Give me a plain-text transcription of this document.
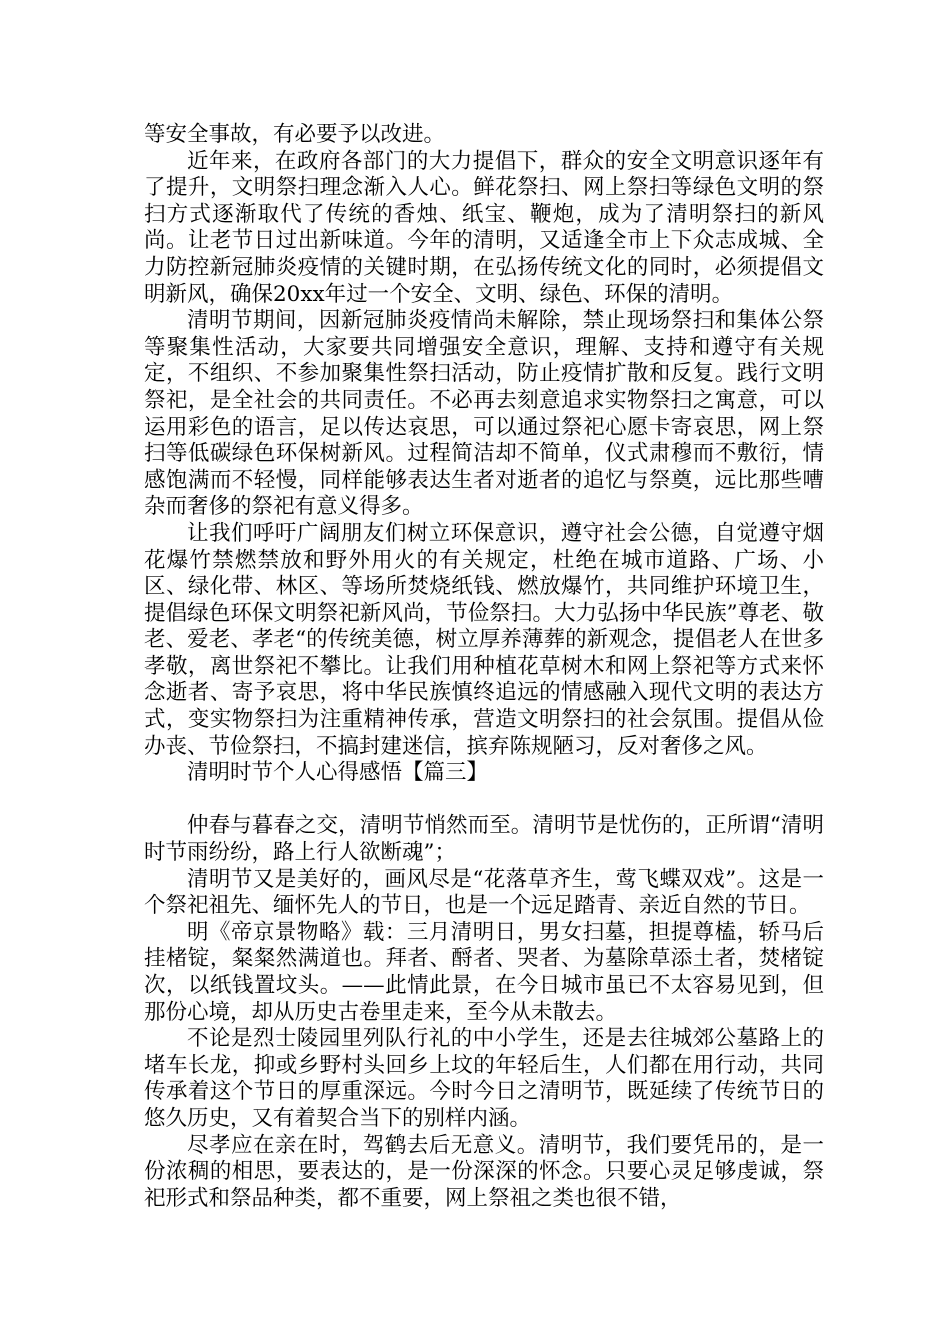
等安全事故，有必要予以改进。

近年来，在政府各部门的大力提倡下，群众的安全文明意识逐年有了提升，文明祭扫理念渐入人心。鲜花祭扫、网上祭扫等绿色文明的祭扫方式逐渐取代了传统的香烛、纸宝、鞭炮，成为了清明祭扫的新风尚。让老节日过出新味道。今年的清明，又适逢全市上下众志成城、全力防控新冠肺炎疫情的关键时期，在弘扬传统文化的同时，必须提倡文明新风，确保20xx年过一个安全、文明、绿色、环保的清明。

清明节期间，因新冠肺炎疫情尚未解除，禁止现场祭扫和集体公祭等聚集性活动，大家要共同增强安全意识，理解、支持和遵守有关规定，不组织、不参加聚集性祭扫活动，防止疫情扩散和反复。践行文明祭祀，是全社会的共同责任。不必再去刻意追求实物祭扫之寓意，可以运用彩色的语言，足以传达哀思，可以通过祭祀心愿卡寄哀思，网上祭扫等低碳绿色环保树新风。过程简洁却不简单，仪式肃穆而不敷衍，情感饱满而不轻慢，同样能够表达生者对逝者的追忆与祭奠，远比那些嘈杂而奢侈的祭祀有意义得多。

让我们呼吁广阔朋友们树立环保意识，遵守社会公德，自觉遵守烟花爆竹禁燃禁放和野外用火的有关规定，杜绝在城市道路、广场、小区、绿化带、林区、等场所焚烧纸钱、燃放爆竹，共同维护环境卫生，提倡绿色环保文明祭祀新风尚，节俭祭扫。大力弘扬中华民族”尊老、敬老、爱老、孝老“的传统美德，树立厚养薄葬的新观念，提倡老人在世多孝敬，离世祭祀不攀比。让我们用种植花草树木和网上祭祀等方式来怀念逝者、寄予哀思，将中华民族慎终追远的情感融入现代文明的表达方式，变实物祭扫为注重精神传承，营造文明祭扫的社会氛围。提倡从俭办丧、节俭祭扫，不搞封建迷信，摈弃陈规陋习，反对奢侈之风。

清明时节个人心得感悟【篇三】

仲春与暮春之交，清明节悄然而至。清明节是忧伤的，正所谓“清明时节雨纷纷，路上行人欲断魂”；

清明节又是美好的，画风尽是“花落草齐生，莺飞蝶双戏”。这是一个祭祀祖先、缅怀先人的节日，也是一个远足踏青、亲近自然的节日。

明《帝京景物略》载：三月清明日，男女扫墓，担提尊榼，轿马后挂楮锭，粲粲然满道也。拜者、酹者、哭者、为墓除草添土者，焚楮锭次，以纸钱置坟头。——此情此景，在今日城市虽已不太容易见到，但那份心境，却从历史古卷里走来，至今从未散去。

不论是烈士陵园里列队行礼的中小学生，还是去往城郊公墓路上的堵车长龙，抑或乡野村头回乡上坟的年轻后生，人们都在用行动，共同传承着这个节日的厚重深远。今时今日之清明节，既延续了传统节日的悠久历史，又有着契合当下的别样内涵。

尽孝应在亲在时，驾鹤去后无意义。清明节，我们要凭吊的，是一份浓稠的相思，要表达的，是一份深深的怀念。只要心灵足够虔诚，祭祀形式和祭品种类，都不重要，网上祭祖之类也很不错，
